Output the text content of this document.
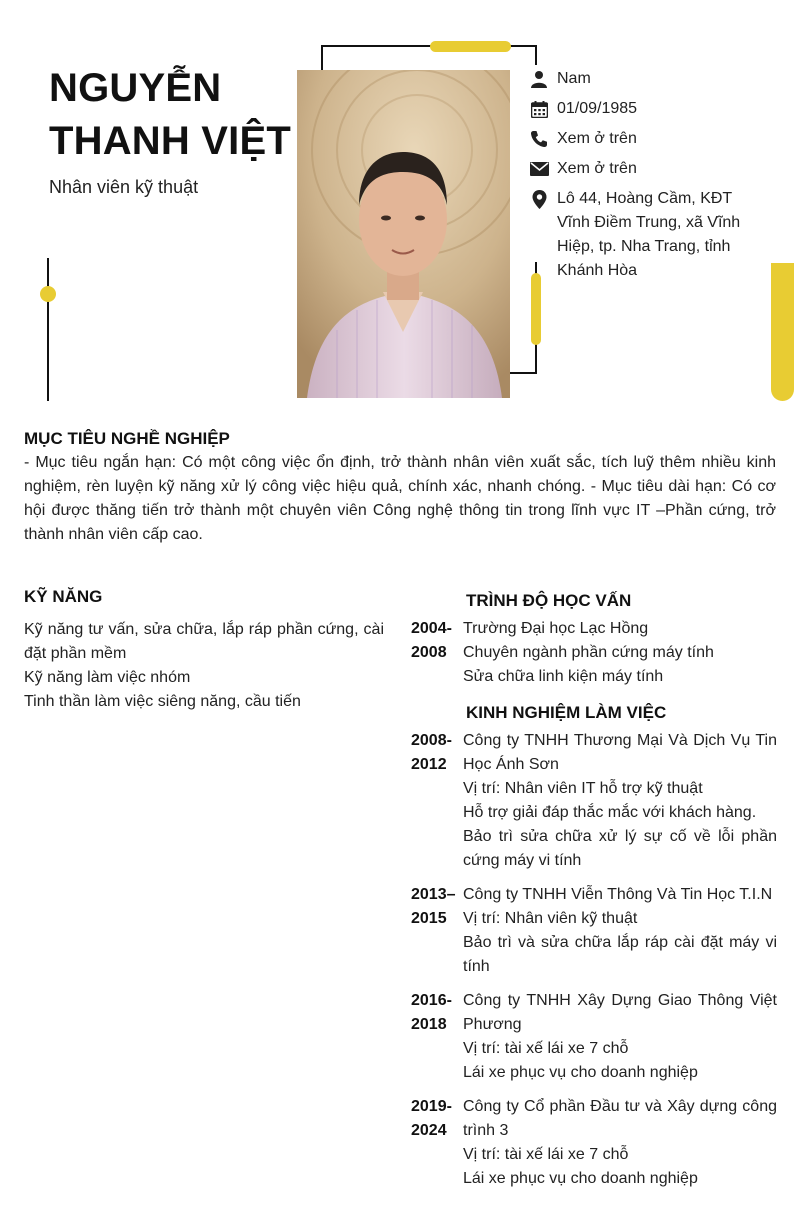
NGUYỄN
THANH VIỆT
Nhân viên kỹ thuật
Nam
01/09/1985
Xem ở trên
Xem ở trên
Lô 44, Hoàng Cầm, KĐT Vĩnh Điềm Trung, xã Vĩnh Hiệp, tp. Nha Trang, tỉnh Khánh Hòa
MỤC TIÊU NGHỀ NGHIỆP
- Mục tiêu ngắn hạn: Có một công việc ổn định, trở thành nhân viên xuất sắc, tích luỹ thêm nhiều kinh nghiệm, rèn luyện kỹ năng xử lý công việc hiệu quả, chính xác, nhanh chóng. - Mục tiêu dài hạn: Có cơ hội được thăng tiến trở thành một chuyên viên Công nghệ thông tin trong lĩnh vực IT –Phần cứng, trở thành nhân viên cấp cao.
KỸ NĂNG
Kỹ năng tư vấn, sửa chữa, lắp ráp phần cứng, cài đặt phần mềm
Kỹ năng làm việc nhóm
Tinh thần làm việc siêng năng, cầu tiến
TRÌNH ĐỘ HỌC VẤN
2004-2008
Trường Đại học Lạc Hồng
Chuyên ngành phần cứng máy tính
Sửa chữa linh kiện máy tính
KINH NGHIỆM LÀM VIỆC
2008-2012
Công ty TNHH Thương Mại Và Dịch Vụ Tin Học Ánh Sơn
Vị trí: Nhân viên IT hỗ trợ kỹ thuật
Hỗ trợ giải đáp thắc mắc với khách hàng.
Bảo trì sửa chữa xử lý sự cố về lỗi phần cứng máy vi tính
2013–2015
Công ty TNHH Viễn Thông Và Tin Học T.I.N
Vị trí: Nhân viên kỹ thuật
Bảo trì và sửa chữa lắp ráp cài đặt máy vi tính
2016-2018
Công ty TNHH Xây Dựng Giao Thông Việt Phương
Vị trí: tài xế lái xe 7 chỗ
Lái xe phục vụ cho doanh nghiệp
2019-2024
Công ty Cổ phần Đầu tư và Xây dựng công trình 3
Vị trí: tài xế lái xe 7 chỗ
Lái xe phục vụ cho doanh nghiệp
